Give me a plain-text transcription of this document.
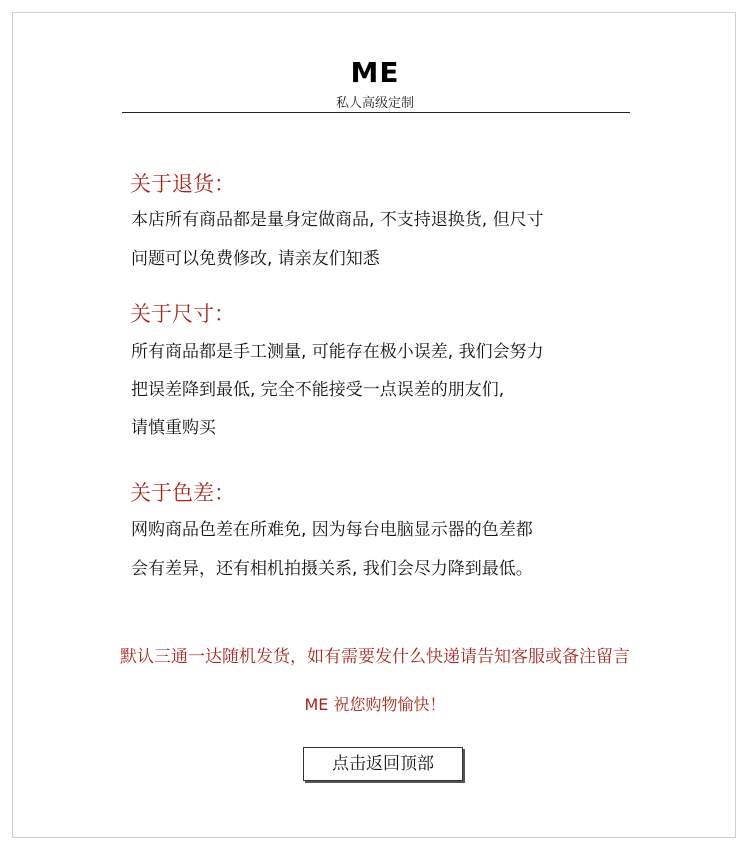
ME
私人高级定制
关于退货：
本店所有商品都是量身定做商品, 不支持退换货, 但尺寸
问题可以免费修改, 请亲友们知悉
关于尺寸：
所有商品都是手工测量, 可能存在极小误差, 我们会努力
把误差降到最低, 完全不能接受一点误差的朋友们,
请慎重购买
关于色差：
网购商品色差在所难免, 因为每台电脑显示器的色差都
会有差异，还有相机拍摄关系, 我们会尽力降到最低。
默认三通一达随机发货，如有需要发什么快递请告知客服或备注留言
ME 祝您购物愉快！
点击返回顶部
